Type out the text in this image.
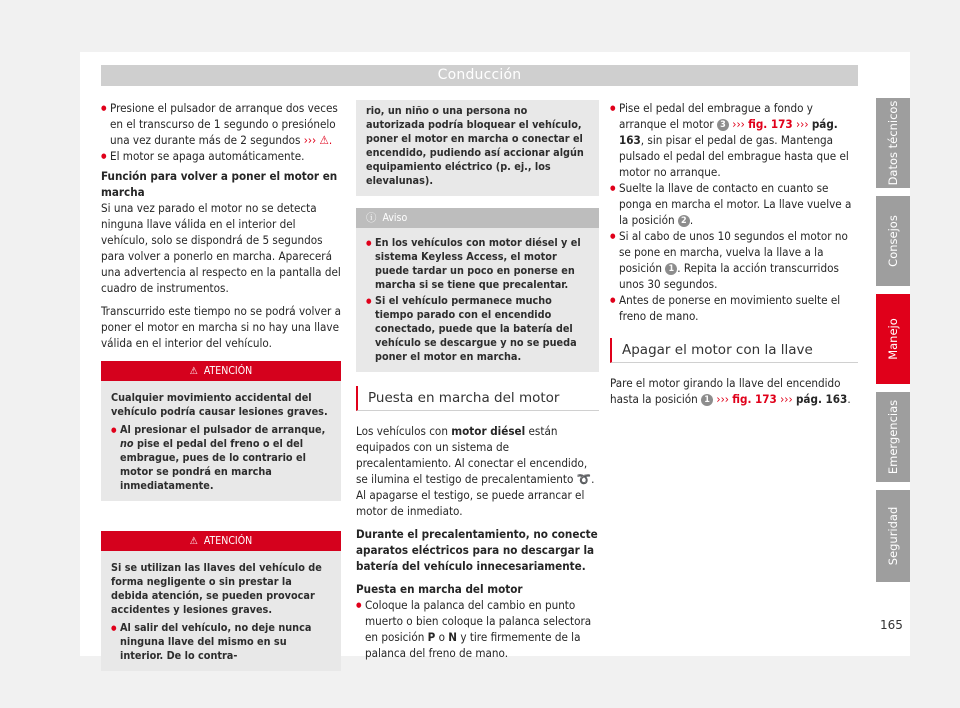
Conducción

● Presione el pulsador de arranque dos veces en el transcurso de 1 segundo o presiónelo una vez durante más de 2 segundos ››› ⚠.

● El motor se apaga automáticamente.

Función para volver a poner el motor en marcha

Si una vez parado el motor no se detecta ninguna llave válida en el interior del vehículo, solo se dispondrá de 5 segundos para volver a ponerlo en marcha. Aparecerá una advertencia al respecto en la pantalla del cuadro de instrumentos.

Transcurrido este tiempo no se podrá volver a poner el motor en marcha si no hay una llave válida en el interior del vehículo.

⚠ ATENCIÓN

Cualquier movimiento accidental del vehículo podría causar lesiones graves.

● Al presionar el pulsador de arranque, no pise el pedal del freno o el del embrague, pues de lo contrario el motor se pondrá en marcha inmediatamente.

⚠ ATENCIÓN

Si se utilizan las llaves del vehículo de forma negligente o sin prestar la debida atención, se pueden provocar accidentes y lesiones graves.

● Al salir del vehículo, no deje nunca ninguna llave del mismo en su interior. De lo contra-

rio, un niño o una persona no autorizada podría bloquear el vehículo, poner el motor en marcha o conectar el encendido, pudiendo así accionar algún equipamiento eléctrico (p. ej., los elevalunas).
ⓘ Aviso

● En los vehículos con motor diésel y el sistema Keyless Access, el motor puede tardar un poco en ponerse en marcha si se tiene que precalentar.

● Si el vehículo permanece mucho tiempo parado con el encendido conectado, puede que la batería del vehículo se descargue y no se pueda poner el motor en marcha.

Puesta en marcha del motor

Los vehículos con motor diésel están equipados con un sistema de precalentamiento. Al conectar el encendido, se ilumina el testigo de precalentamiento ➰. Al apagarse el testigo, se puede arrancar el motor de inmediato.

Durante el precalentamiento, no conecte aparatos eléctricos para no descargar la batería del vehículo innecesariamente.

Puesta en marcha del motor

● Coloque la palanca del cambio en punto muerto o bien coloque la palanca selectora en posición P o N y tire firmemente de la palanca del freno de mano.

● Pise el pedal del embrague a fondo y arranque el motor 3 ››› fig. 173 ››› pág. 163, sin pisar el pedal de gas. Mantenga pulsado el pedal del embrague hasta que el motor no arranque.

● Suelte la llave de contacto en cuanto se ponga en marcha el motor. La llave vuelve a la posición 2 .

● Si al cabo de unos 10 segundos el motor no se pone en marcha, vuelva la llave a la posición 1 . Repita la acción transcurridos unos 30 segundos.

● Antes de ponerse en movimiento suelte el freno de mano.

Apagar el motor con la llave

Pare el motor girando la llave del encendido hasta la posición 1 ››› fig. 173 ››› pág. 163.

Datos técnicos
Consejos
Manejo
Emergencias
Seguridad
165
